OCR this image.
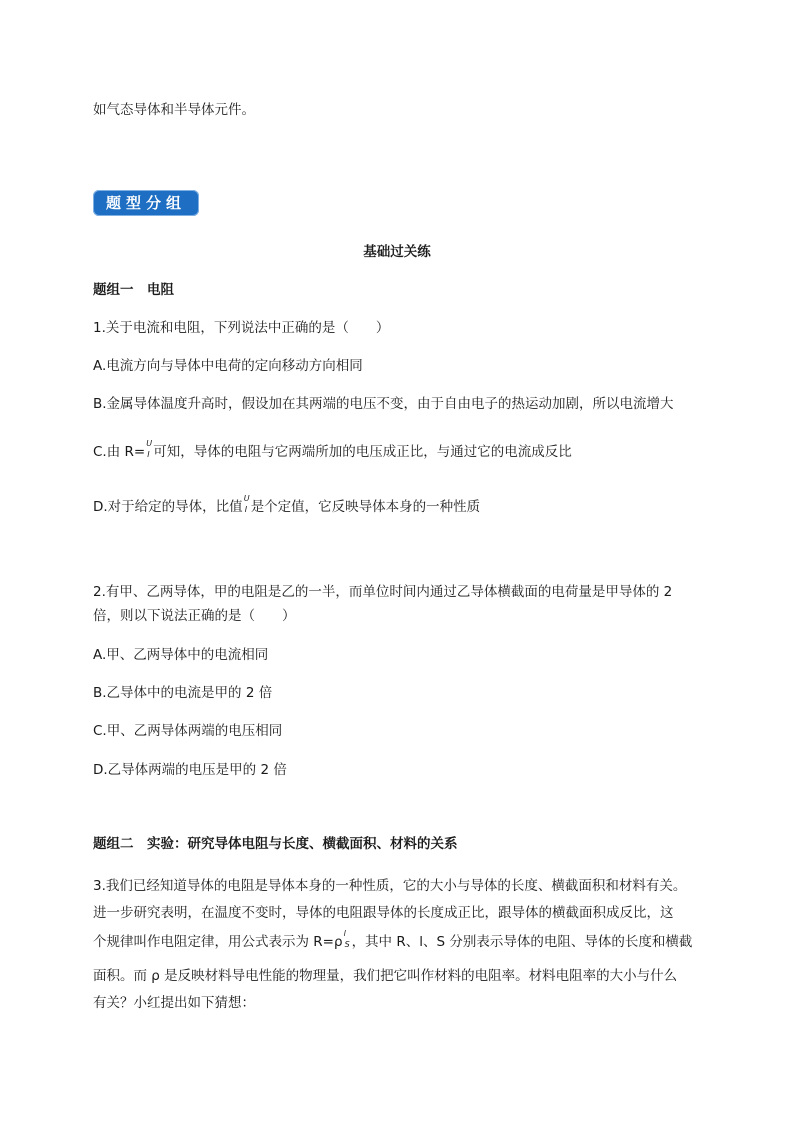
如气态导体和半导体元件。
题型分组
基础过关练
题组一　电阻
1.关于电流和电阻，下列说法中正确的是（　　）
A.电流方向与导体中电荷的定向移动方向相同
B.金属导体温度升高时，假设加在其两端的电压不变，由于自由电子的热运动加剧，所以电流增大
C.由 R=
U
I 可知，导体的电阻与它两端所加的电压成正比，与通过它的电流成反比
D.对于给定的导体，比值
U
I 是个定值，它反映导体本身的一种性质
2.有甲、乙两导体，甲的电阻是乙的一半，而单位时间内通过乙导体横截面的电荷量是甲导体的 2
倍，则以下说法正确的是（　　）
A.甲、乙两导体中的电流相同
B.乙导体中的电流是甲的 2 倍
C.甲、乙两导体两端的电压相同
D.乙导体两端的电压是甲的 2 倍
题组二　实验：研究导体电阻与长度、横截面积、材料的关系
3.我们已经知道导体的电阻是导体本身的一种性质，它的大小与导体的长度、横截面积和材料有关。
进一步研究表明，在温度不变时，导体的电阻跟导体的长度成正比，跟导体的横截面积成反比，这
个规律叫作电阻定律，用公式表示为 R=ρ
l
S ，其中 R、l、S 分别表示导体的电阻、导体的长度和横截
面积。而 ρ 是反映材料导电性能的物理量，我们把它叫作材料的电阻率。材料电阻率的大小与什么
有关？小红提出如下猜想：
